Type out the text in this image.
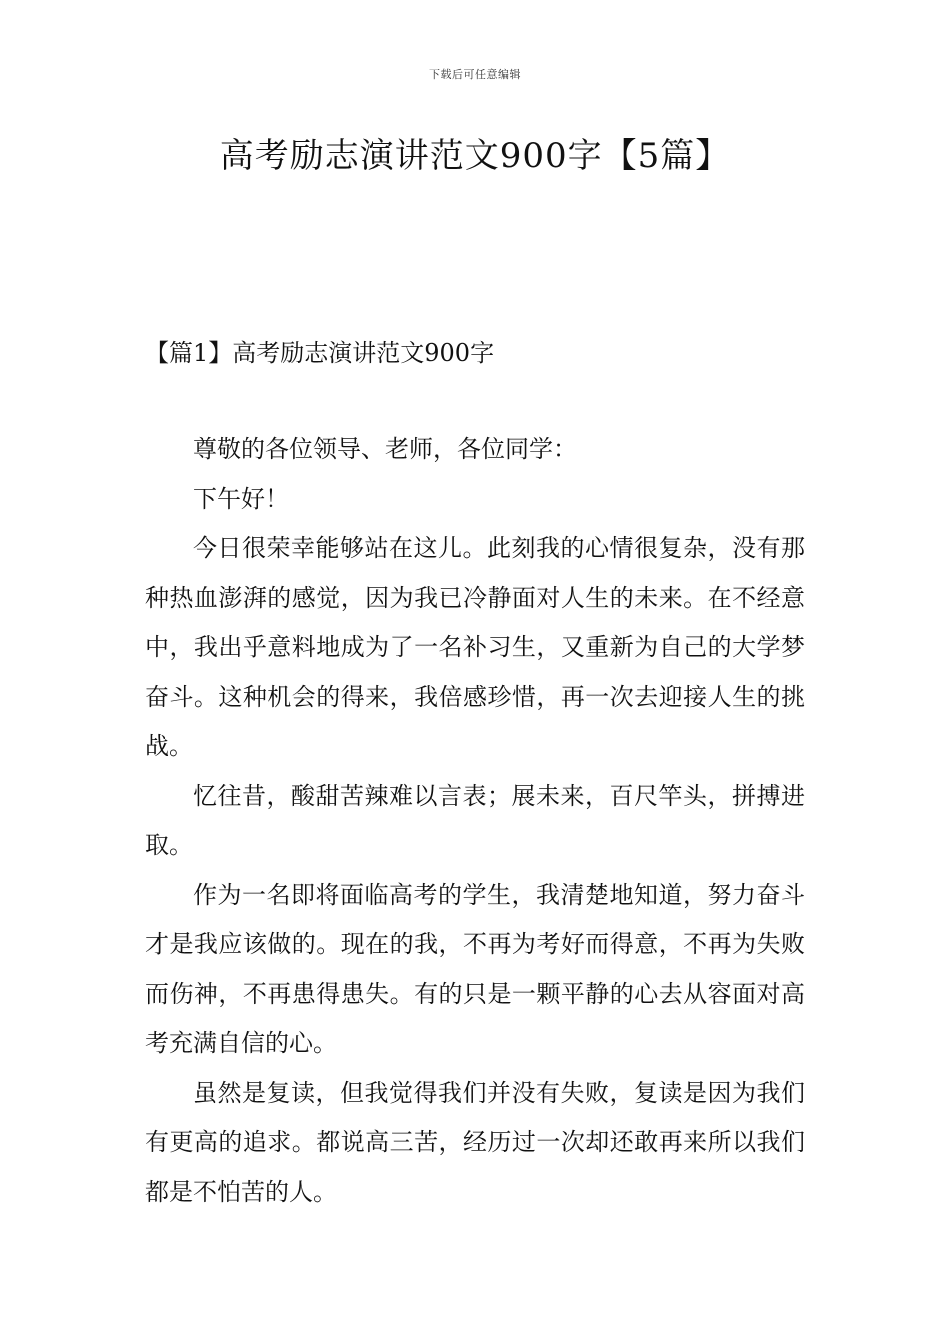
下载后可任意编辑
高考励志演讲范文900字【5篇】
【篇1】高考励志演讲范文900字

尊敬的各位领导、老师，各位同学：

下午好！

今日很荣幸能够站在这儿。此刻我的心情很复杂，没有那种热血澎湃的感觉，因为我已冷静面对人生的未来。在不经意中，我出乎意料地成为了一名补习生，又重新为自己的大学梦奋斗。这种机会的得来，我倍感珍惜，再一次去迎接人生的挑战。

忆往昔，酸甜苦辣难以言表；展未来，百尺竿头，拼搏进取。

作为一名即将面临高考的学生，我清楚地知道，努力奋斗才是我应该做的。现在的我，不再为考好而得意，不再为失败而伤神，不再患得患失。有的只是一颗平静的心去从容面对高考充满自信的心。

虽然是复读，但我觉得我们并没有失败，复读是因为我们有更高的追求。都说高三苦，经历过一次却还敢再来所以我们都是不怕苦的人。
